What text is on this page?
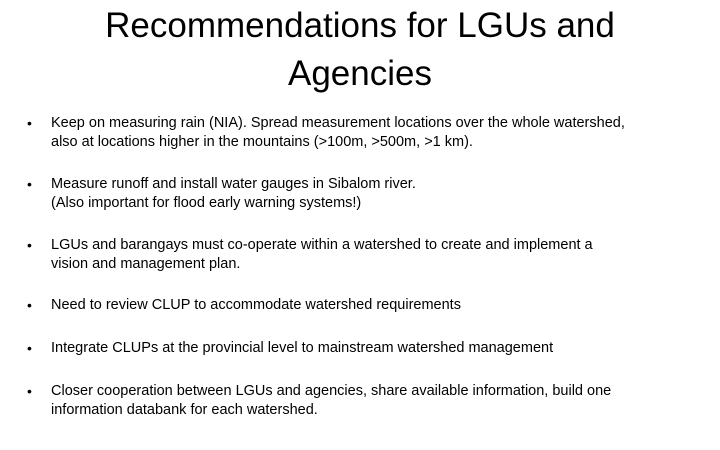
Recommendations for LGUs and
Agencies
•	Keep on measuring rain (NIA). Spread measurement locations over the whole watershed,
also at locations higher in the mountains (>100m, >500m, >1 km).
•	Measure runoff and install water gauges in Sibalom river.
(Also important for flood early warning systems!)
•	LGUs and barangays must co-operate within a watershed to create and implement a
vision and management plan.
•	Need to review CLUP to accommodate watershed requirements
•	Integrate CLUPs at the provincial level to mainstream watershed management
•	Closer cooperation between LGUs and agencies, share available information, build one
information databank for each watershed.
